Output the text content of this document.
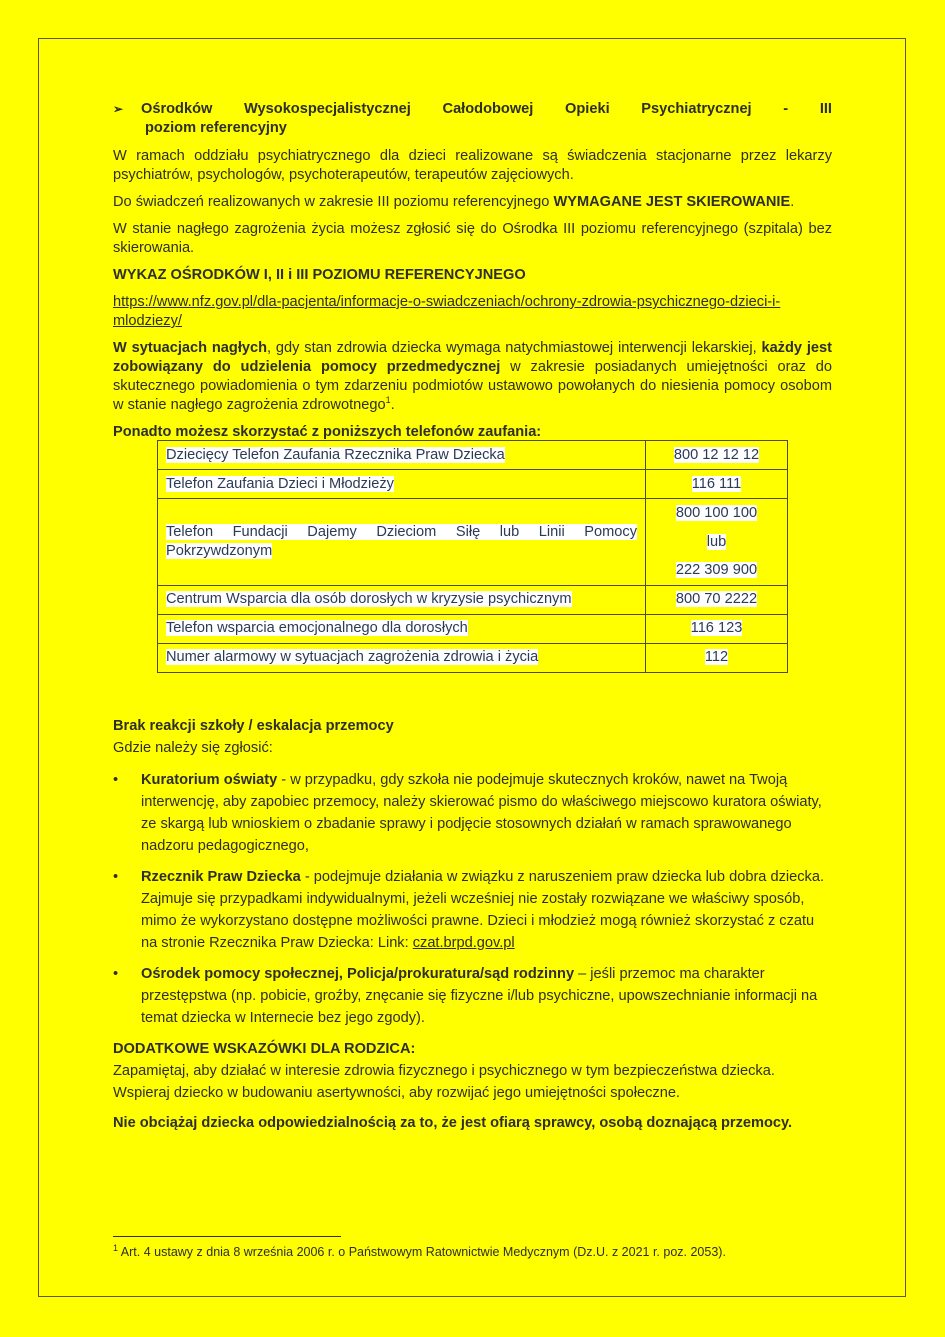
➢	Ośrodków Wysokospecjalistycznej Całodobowej Opieki Psychiatrycznej - III
poziom referencyjny

W ramach oddziału psychiatrycznego dla dzieci realizowane są świadczenia stacjonarne przez lekarzy psychiatrów, psychologów, psychoterapeutów, terapeutów zajęciowych.

Do świadczeń realizowanych w zakresie III poziomu referencyjnego WYMAGANE JEST SKIEROWANIE.

W stanie nagłego zagrożenia życia możesz zgłosić się do Ośrodka III poziomu referencyjnego (szpitala) bez skierowania.

WYKAZ OŚRODKÓW I, II i III POZIOMU REFERENCYJNEGO

https://www.nfz.gov.pl/dla-pacjenta/informacje-o-swiadczeniach/ochrony-zdrowia-psychicznego-dzieci-i-mlodziezy/

W sytuacjach nagłych, gdy stan zdrowia dziecka wymaga natychmiastowej interwencji lekarskiej, każdy jest zobowiązany do udzielenia pomocy przedmedycznej w zakresie posiadanych umiejętności oraz do skutecznego powiadomienia o tym zdarzeniu podmiotów ustawowo powołanych do niesienia pomocy osobom w stanie nagłego zagrożenia zdrowotnego$^1$.

Ponadto możesz skorzystać z poniższych telefonów zaufania:

Dziecięcy Telefon Zaufania Rzecznika Praw Dziecka	800 12 12 12
Telefon Zaufania Dzieci i Młodzieży	116 111
Telefon Fundacji Dajemy Dzieciom Siłę lub Linii Pomocy Pokrzywdzonym	800 100 100
lub
222 309 900

Centrum Wsparcia dla osób dorosłych w kryzysie psychicznym	800 70 2222
Telefon wsparcia emocjonalnego dla dorosłych	116 123
Numer alarmowy w sytuacjach zagrożenia zdrowia i życia	112
Brak reakcji szkoły / eskalacja przemocy
Gdzie należy się zgłosić:
• Kuratorium oświaty - w przypadku, gdy szkoła nie podejmuje skutecznych kroków, nawet na Twoją interwencję, aby zapobiec przemocy, należy skierować pismo do właściwego miejscowo kuratora oświaty, ze skargą lub wnioskiem o zbadanie sprawy i podjęcie stosownych działań w ramach sprawowanego nadzoru pedagogicznego,
• Rzecznik Praw Dziecka - podejmuje działania w związku z naruszeniem praw dziecka lub dobra dziecka. Zajmuje się przypadkami indywidualnymi, jeżeli wcześniej nie zostały rozwiązane we właściwy sposób, mimo że wykorzystano dostępne możliwości prawne. Dzieci i młodzież mogą również skorzystać z czatu na stronie Rzecznika Praw Dziecka: Link: czat.brpd.gov.pl
• Ośrodek pomocy społecznej, Policja/prokuratura/sąd rodzinny – jeśli przemoc ma charakter przestępstwa (np. pobicie, groźby, znęcanie się fizyczne i/lub psychiczne, upowszechnianie informacji na temat dziecka w Internecie bez jego zgody).
DODATKOWE WSKAZÓWKI DLA RODZICA:
Zapamiętaj, aby działać w interesie zdrowia fizycznego i psychicznego w tym bezpieczeństwa dziecka.
Wspieraj dziecko w budowaniu asertywności, aby rozwijać jego umiejętności społeczne.
Nie obciążaj dziecka odpowiedzialnością za to, że jest ofiarą sprawcy, osobą doznającą przemocy.
$^1$ Art. 4 ustawy z dnia 8 września 2006 r. o Państwowym Ratownictwie Medycznym (Dz.U. z 2021 r. poz. 2053).
